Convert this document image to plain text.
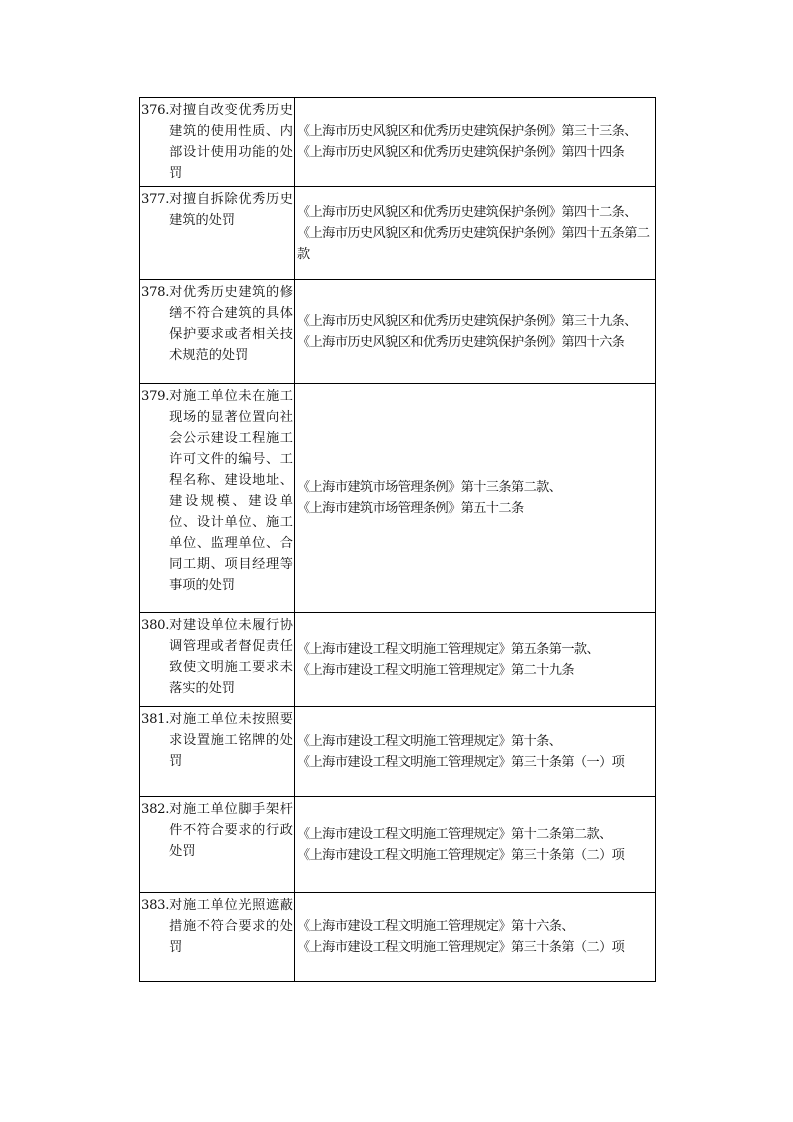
376. 对擅自改变优秀历史建筑的使用性质、内部设计使用功能的处罚	《上海市历史风貌区和优秀历史建筑保护条例》第三十三条、
《上海市历史风貌区和优秀历史建筑保护条例》第四十四条

377. 对擅自拆除优秀历史建筑的处罚	《上海市历史风貌区和优秀历史建筑保护条例》第四十二条、
《上海市历史风貌区和优秀历史建筑保护条例》第四十五条第二款

378. 对优秀历史建筑的修缮不符合建筑的具体保护要求或者相关技术规范的处罚	《上海市历史风貌区和优秀历史建筑保护条例》第三十九条、
《上海市历史风貌区和优秀历史建筑保护条例》第四十六条

379. 对施工单位未在施工现场的显著位置向社会公示建设工程施工许可文件的编号、工程名称、建设地址、建设规模、建设单位、设计单位、施工单位、监理单位、合同工期、项目经理等事项的处罚	《上海市建筑市场管理条例》第十三条第二款、
《上海市建筑市场管理条例》第五十二条

380. 对建设单位未履行协调管理或者督促责任致使文明施工要求未落实的处罚	《上海市建设工程文明施工管理规定》第五条第一款、
《上海市建设工程文明施工管理规定》第二十九条

381. 对施工单位未按照要求设置施工铭牌的处罚	《上海市建设工程文明施工管理规定》第十条、
《上海市建设工程文明施工管理规定》第三十条第（一）项

382. 对施工单位脚手架杆件不符合要求的行政处罚	《上海市建设工程文明施工管理规定》第十二条第二款、
《上海市建设工程文明施工管理规定》第三十条第（二）项

383. 对施工单位光照遮蔽措施不符合要求的处罚	《上海市建设工程文明施工管理规定》第十六条、
《上海市建设工程文明施工管理规定》第三十条第（二）项
